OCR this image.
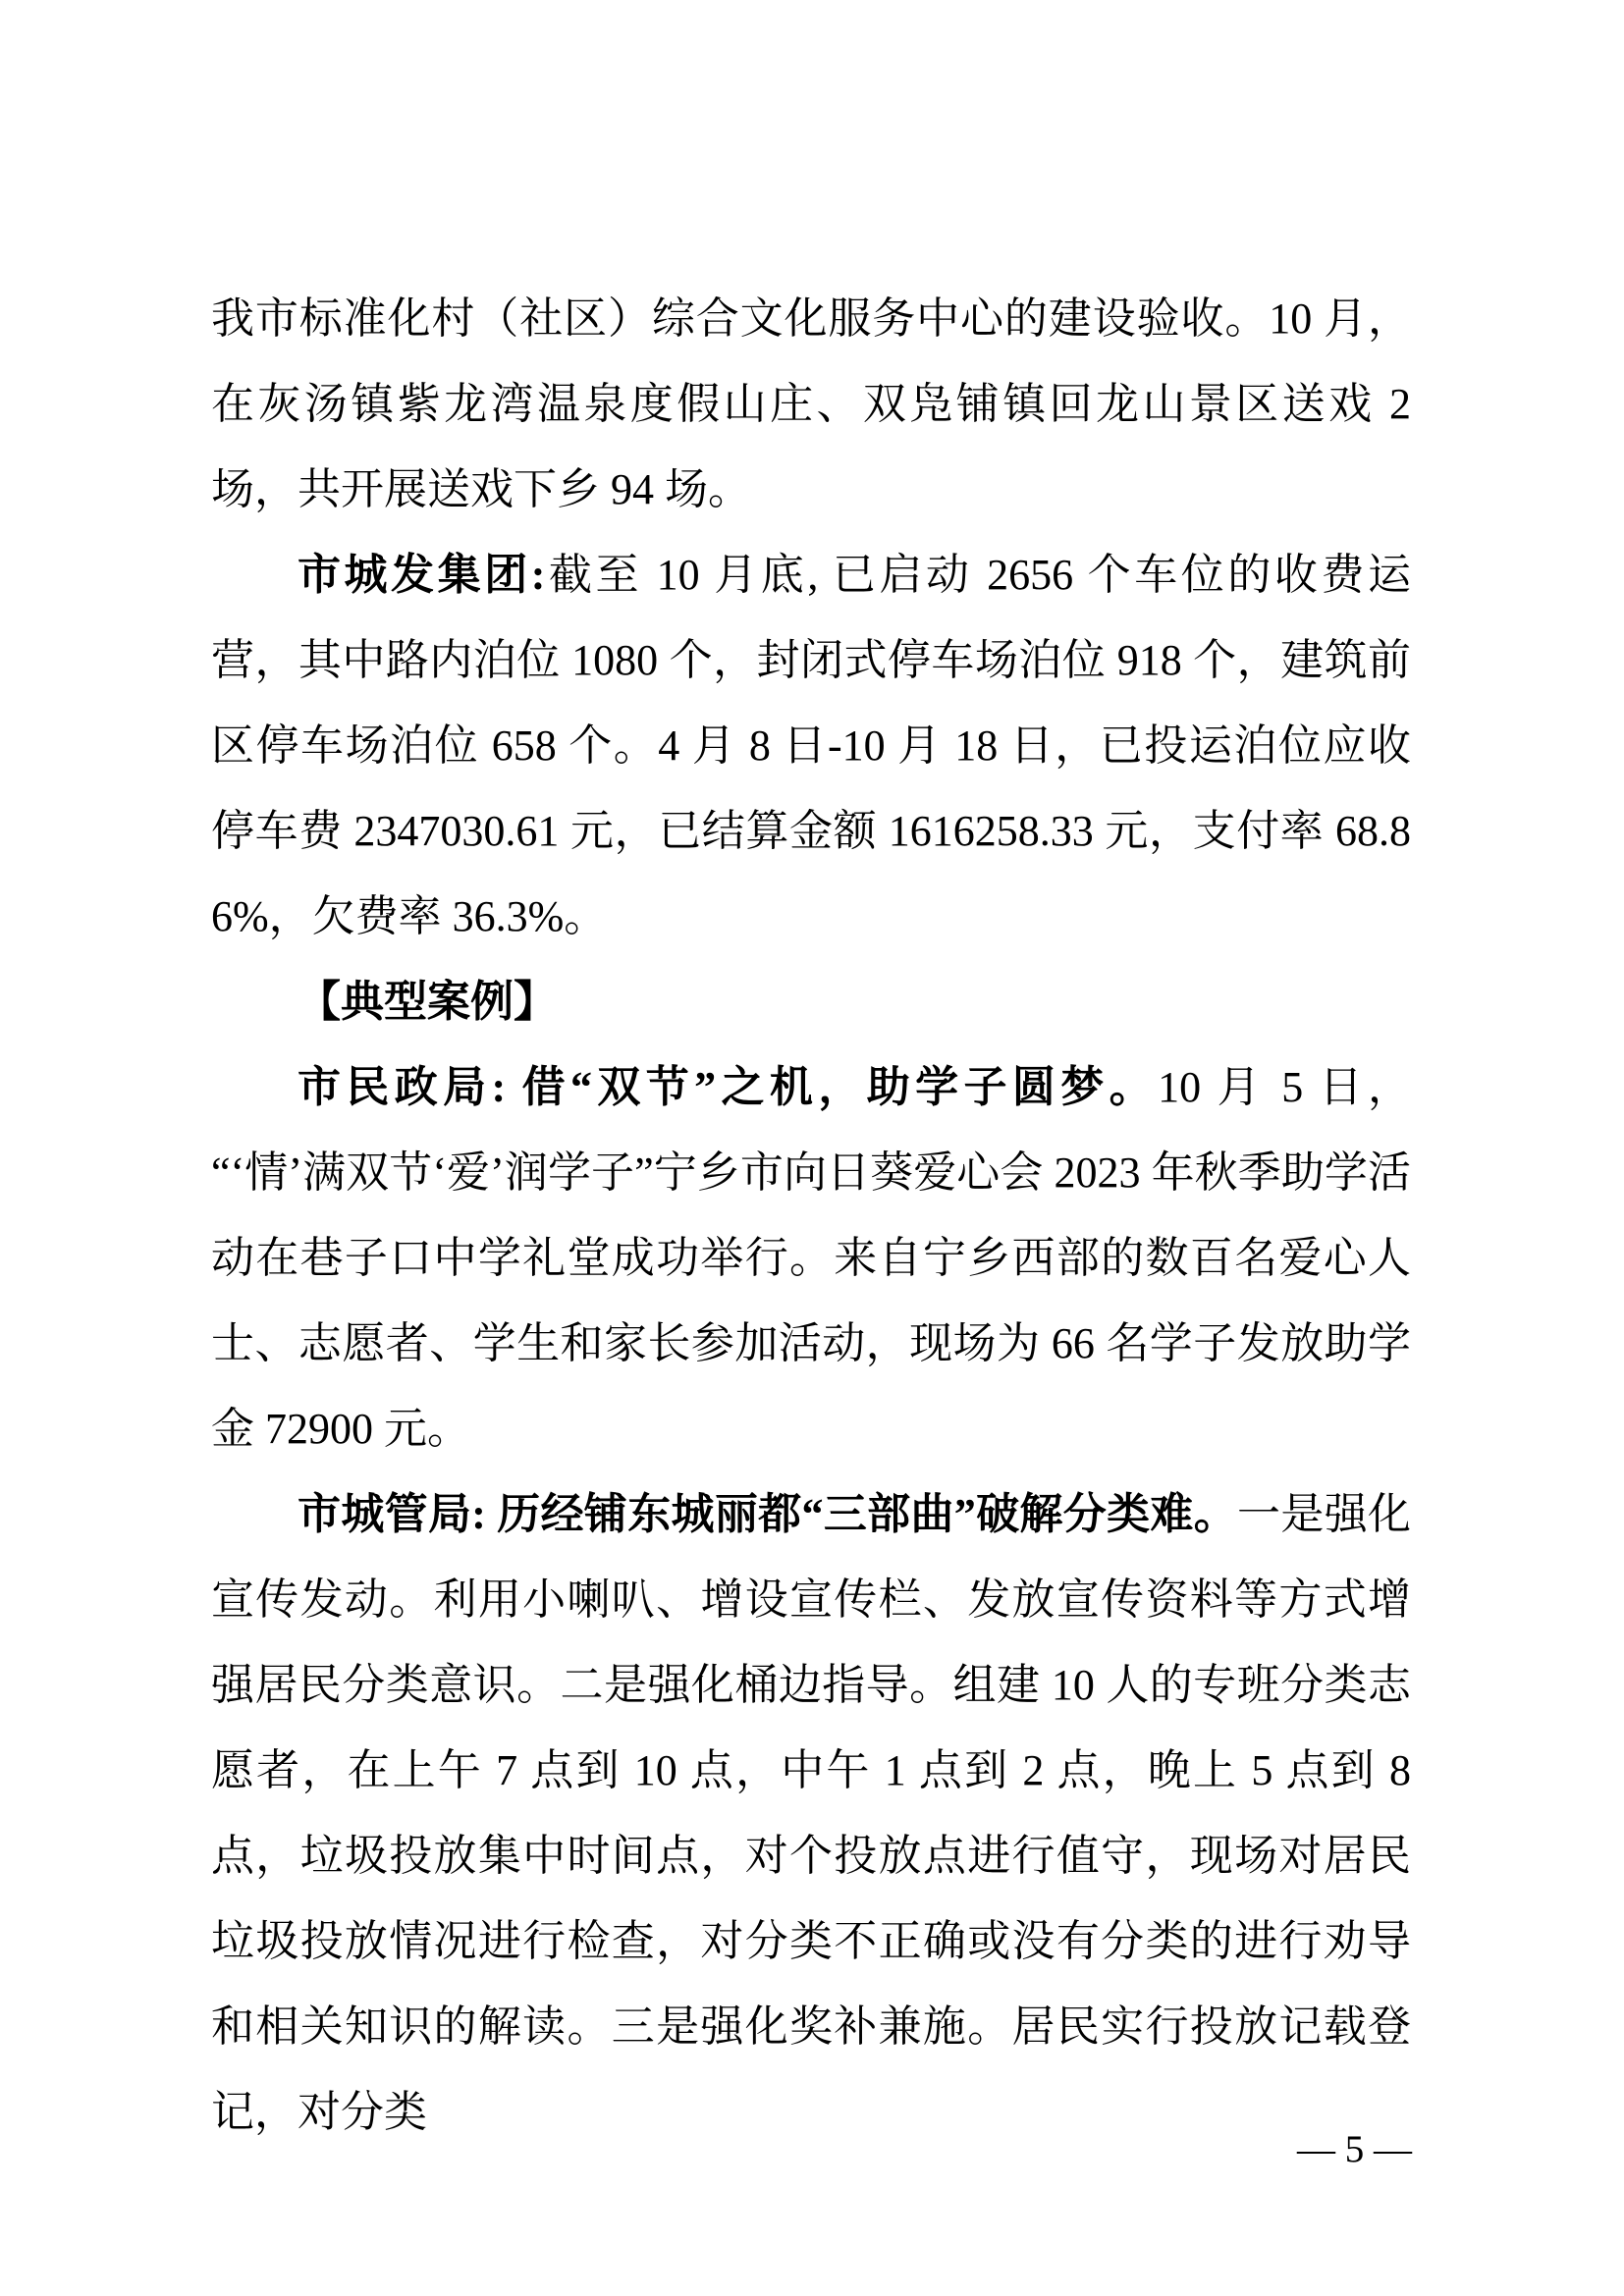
我市标准化村（社区）综合文化服务中心的建设验收。10 月，在灰汤镇紫龙湾温泉度假山庄、双凫铺镇回龙山景区送戏 2 场，共开展送戏下乡 94 场。

市城发集团:截至 10 月底, 已启动 2656 个车位的收费运营，其中路内泊位 1080 个，封闭式停车场泊位 918 个，建筑前区停车场泊位 658 个。4 月 8 日-10 月 18 日，已投运泊位应收停车费 2347030.61 元，已结算金额 1616258.33 元，支付率 68.86%，欠费率 36.3%。

【典型案例】

市民政局: 借“双节”之机，助学子圆梦。10 月 5 日，“‘情’满双节‘爱’润学子”宁乡市向日葵爱心会 2023 年秋季助学活动在巷子口中学礼堂成功举行。来自宁乡西部的数百名爱心人士、志愿者、学生和家长参加活动，现场为 66 名学子发放助学金 72900 元。

市城管局: 历经铺东城丽都“三部曲”破解分类难。一是强化宣传发动。利用小喇叭、增设宣传栏、发放宣传资料等方式增强居民分类意识。二是强化桶边指导。组建 10 人的专班分类志愿者，在上午 7 点到 10 点，中午 1 点到 2 点，晚上 5 点到 8 点，垃圾投放集中时间点，对个投放点进行值守，现场对居民垃圾投放情况进行检查，对分类不正确或没有分类的进行劝导和相关知识的解读。三是强化奖补兼施。居民实行投放记载登记，对分类

— 5 —
